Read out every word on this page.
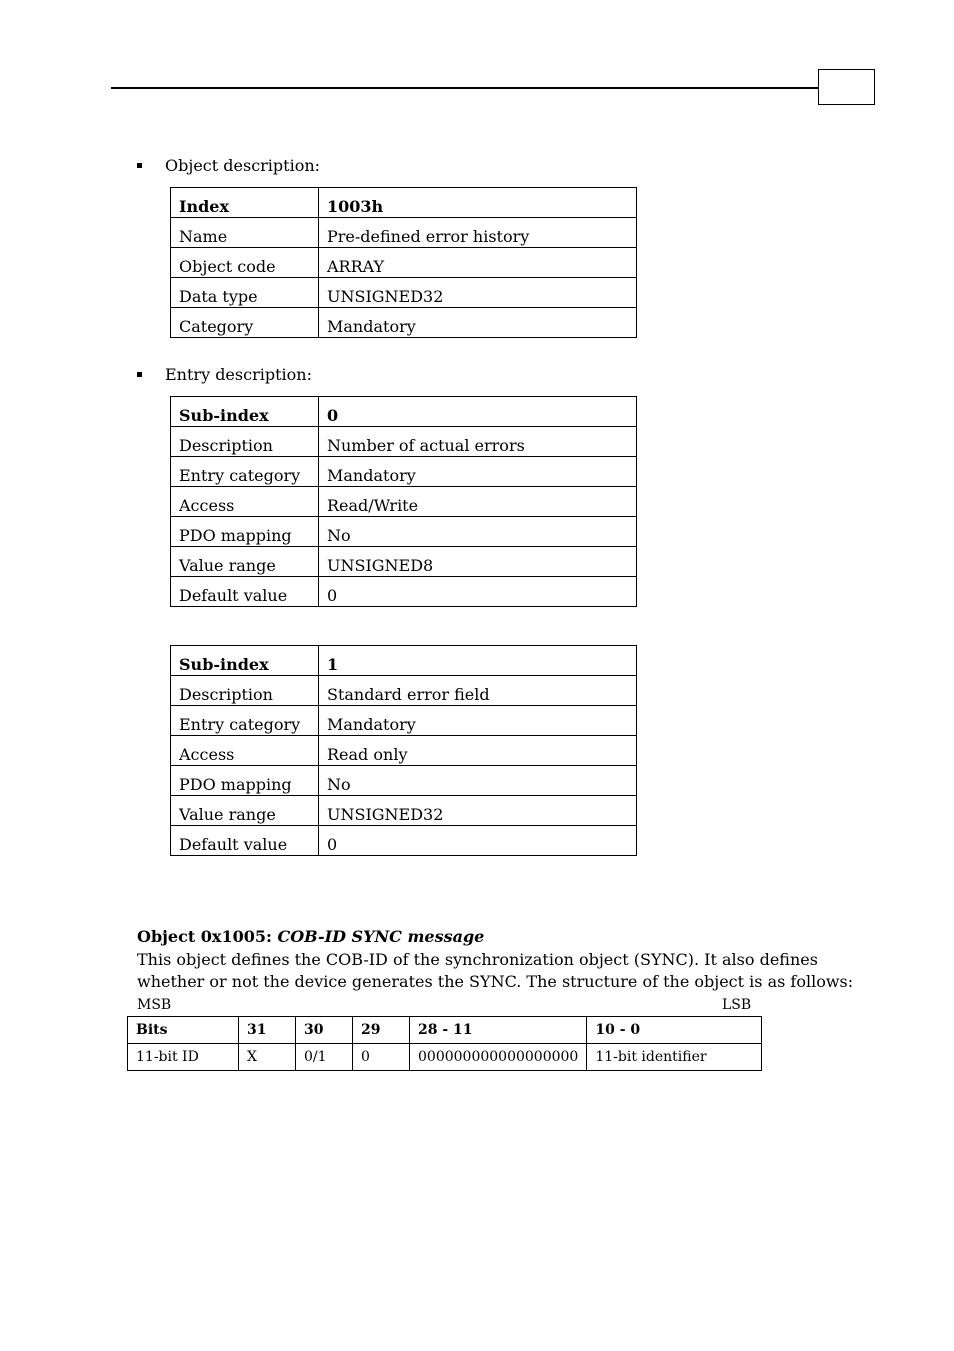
Object description:
Index	1003h
Name	Pre-defined error history
Object code	ARRAY
Data type	UNSIGNED32
Category	Mandatory
Entry description:
Sub-index	0
Description	Number of actual errors
Entry category	Mandatory
Access	Read/Write
PDO mapping	No
Value range	UNSIGNED8
Default value	0
Sub-index	1
Description	Standard error field
Entry category	Mandatory
Access	Read only
PDO mapping	No
Value range	UNSIGNED32
Default value	0
Object 0x1005: COB-ID SYNC message
This object defines the COB-ID of the synchronization object (SYNC). It also defines
whether or not the device generates the SYNC. The structure of the object is as follows:
MSB	LSB
Bits	31	30	29	28 - 11	10 - 0
11-bit ID	X	0/1	0	000000000000000000	11-bit identifier
